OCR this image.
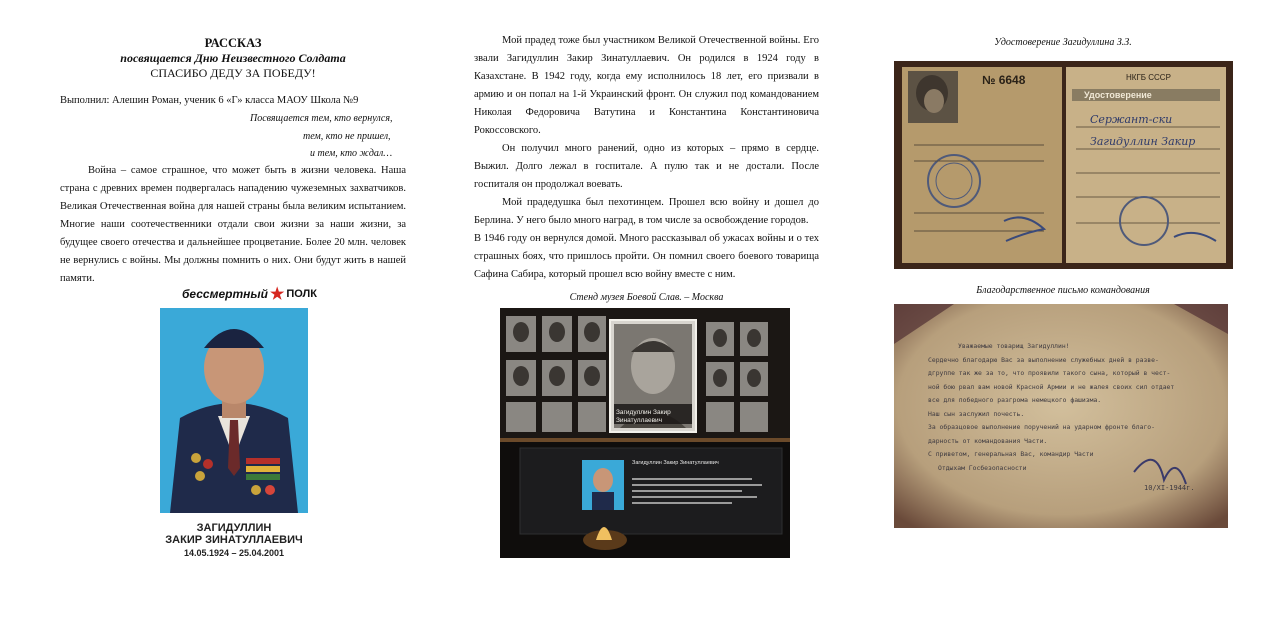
РАССКАЗ

посвящается Дню Неизвестного Солдата

СПАСИБО ДЕДУ ЗА ПОБЕДУ!

Выполнил: Алешин Роман, ученик 6 «Г» класса МАОУ Школа №9

Посвящается тем, кто вернулся,

тем, кто не пришел,

и тем, кто ждал…

Война – самое страшное, что может быть в жизни человека. Наша страна с древних времен подвергалась нападению чужеземных захватчиков. Великая Отечественная война для нашей страны была великим испытанием. Многие наши соотечественники отдали свои жизни за наши жизни, за будущее своего отечества и дальнейшее процветание. Более 20 млн. человек не вернулись с войны. Мы должны помнить о них. Они будут жить в нашей памяти.

бессмертный ★ ПОЛК
ЗАГИДУЛЛИН
ЗАКИР ЗИНАТУЛЛАЕВИЧ
14.05.1924 – 25.04.2001

Мой прадед тоже был участником Великой Отечественной войны. Его звали Загидуллин Закир Зинатуллаевич. Он родился в 1924 году в Казахстане. В 1942 году, когда ему исполнилось 18 лет, его призвали в армию и он попал на 1-й Украинский фронт. Он служил под командованием Николая Федоровича Ватутина и Константина Константиновича Рокоссовского.

Он получил много ранений, одно из которых – прямо в сердце. Выжил. Долго лежал в госпитале. А пулю так и не достали. После госпиталя он продолжал воевать.

Мой прадедушка был пехотинцем. Прошел всю войну и дошел до Берлина. У него было много наград, в том числе за освобождение городов.

В 1946 году он вернулся домой. Много рассказывал об ужасах войны и о тех страшных боях, что пришлось пройти. Он помнил своего боевого товарища Сафина Сабира, который прошел всю войну вместе с ним.

Стенд музея Боевой Слав. – Москва
Загидуллин Закир
Зинатуллаевич
Загидуллин Закир Зинатуллаевич
Удостоверение Загидуллина З.З.
№ 6648	НКГБ СССР
Удостоверение
Сержант-ски
Загидуллин Закир
Благодарственное письмо командования
Уважаемые товарищ Загидуллин!
Сердечно благодарю Вас за выполнение служебных дней в разве-
дгруппе так же за то, что проявили такого сына, который в чест-
ной бою рвал вам новой Красной Армии и не жалея своих сил отдает
все для победного разгрома немецкого фашизма.
Наш сын заслужил почесть.
За образцовое выполнение поручений на ударном фронте благо-
дарность от командования Части.
С приветом, генеральная Вас, командир Части
Отдыхам Госбезопасности
10/XI-1944г.
